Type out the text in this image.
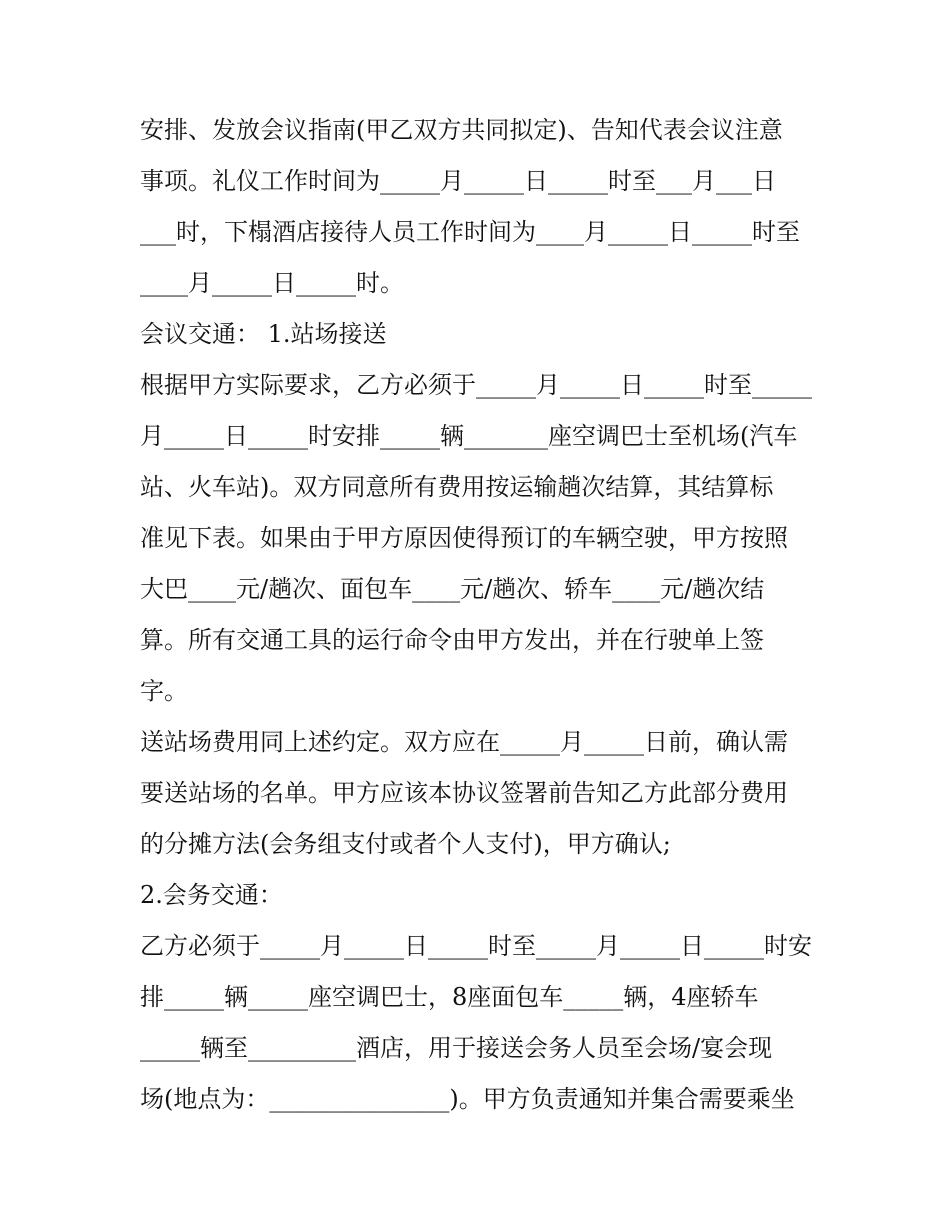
安排、发放会议指南(甲乙双方共同拟定)、告知代表会议注意
事项。礼仪工作时间为_____月_____日_____时至___月___日
___时，下榻酒店接待人员工作时间为____月_____日_____时至
____月_____日_____时。
会议交通： 1.站场接送
根据甲方实际要求，乙方必须于_____月_____日_____时至_____
月_____日_____时安排_____辆_______座空调巴士至机场(汽车
站、火车站)。双方同意所有费用按运输趟次结算，其结算标
准见下表。如果由于甲方原因使得预订的车辆空驶，甲方按照
大巴____元/趟次、面包车____元/趟次、轿车____元/趟次结
算。所有交通工具的运行命令由甲方发出，并在行驶单上签
字。
送站场费用同上述约定。双方应在_____月_____日前，确认需
要送站场的名单。甲方应该本协议签署前告知乙方此部分费用
的分摊方法(会务组支付或者个人支付)，甲方确认;
2.会务交通：
乙方必须于_____月_____日_____时至_____月_____日_____时安
排_____辆_____座空调巴士，8座面包车_____辆，4座轿车
_____辆至_________酒店，用于接送会务人员至会场/宴会现
场(地点为：_______________)。甲方负责通知并集合需要乘坐
